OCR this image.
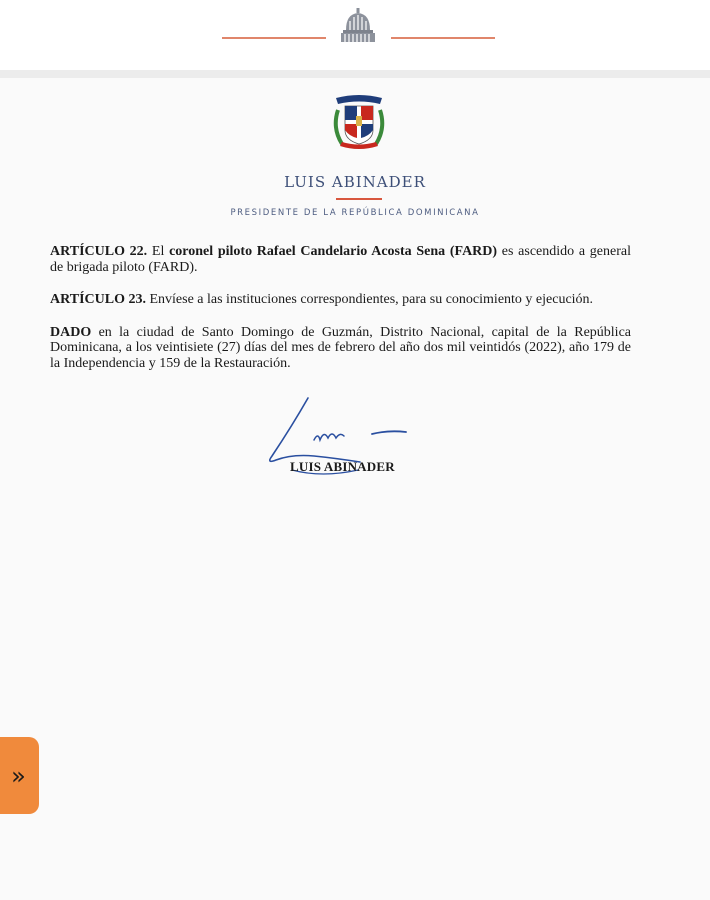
LUIS ABINADER
PRESIDENTE DE LA REPÚBLICA DOMINICANA

ARTÍCULO 22. El coronel piloto Rafael Candelario Acosta Sena (FARD) es ascendido a general de brigada piloto (FARD).

ARTÍCULO 23. Envíese a las instituciones correspondientes, para su conocimiento y ejecución.

DADO en la ciudad de Santo Domingo de Guzmán, Distrito Nacional, capital de la República Dominicana, a los veintisiete (27) días del mes de febrero del año dos mil veintidós (2022), año 179 de la Independencia y 159 de la Restauración.

LUIS ABINADER
»
